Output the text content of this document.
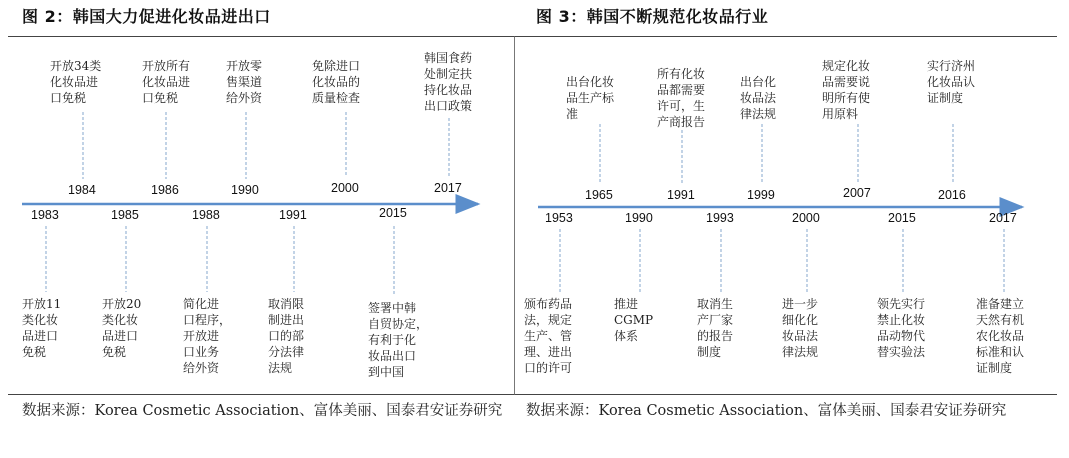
图 2：韩国大力促进化妆品进出口
1984
开放34类
化妆品进
口免税
1986
开放所有
化妆品进
口免税
1990
开放零
售渠道
给外资
2000
免除进口
化妆品的
质量检查
2017
韩国食药
处制定扶
持化妆品
出口政策
1983
开放11
类化妆
品进口
免税
1985
开放20
类化妆
品进口
免税
1988
简化进
口程序，
开放进
口业务
给外资
1991
取消限
制进出
口的部
分法律
法规
2015
签署中韩
自贸协定，
有利于化
妆品出口
到中国
数据来源：Korea Cosmetic Association、富体美丽、国泰君安证券研究
图 3：韩国不断规范化妆品行业
1965
出台化妆
品生产标
准
1991
所有化妆
品都需要
许可，生
产商报告
1999
出台化
妆品法
律法规
2007
规定化妆
品需要说
明所有使
用原料
2016
实行济州
化妆品认
证制度
1953
颁布药品
法，规定
生产、管
理、进出
口的许可
1990
推进
CGMP
体系
1993
取消生
产厂家
的报告
制度
2000
进一步
细化化
妆品法
律法规
2015
领先实行
禁止化妆
品动物代
替实验法
2017
准备建立
天然有机
农化妆品
标准和认
证制度
数据来源：Korea Cosmetic Association、富体美丽、国泰君安证券研究
